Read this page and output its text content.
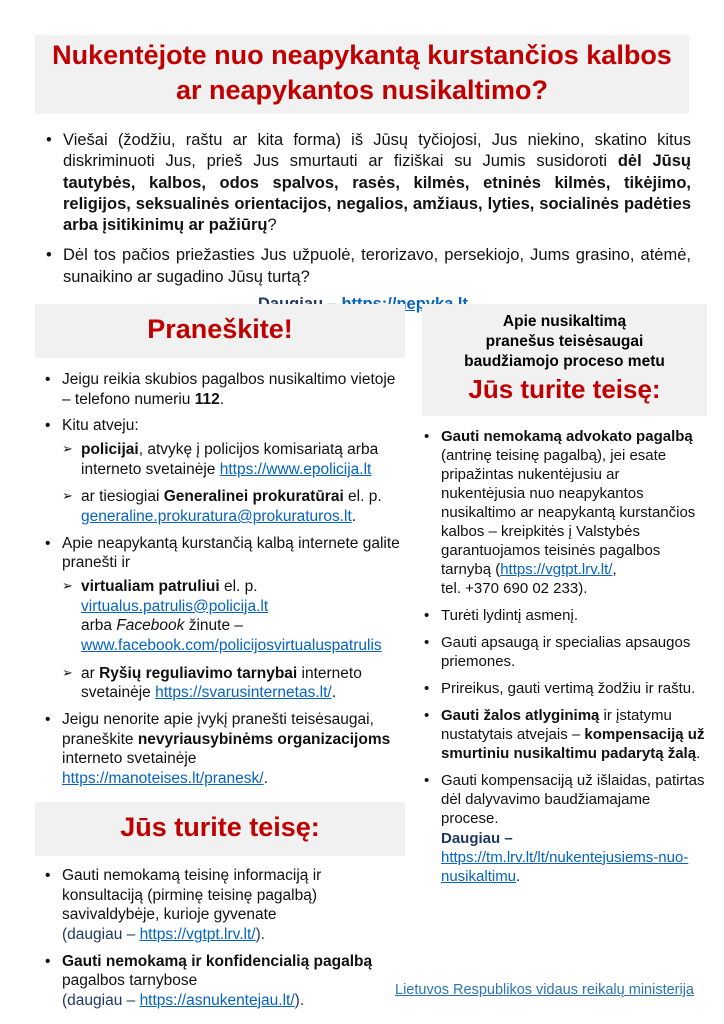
Nukentėjote nuo neapykantą kurstančios kalbos ar neapykantos nusikaltimo?
• Viešai (žodžiu, raštu ar kita forma) iš Jūsų tyčiojosi, Jus niekino, skatino kitus diskriminuoti Jus, prieš Jus smurtauti ar fiziškai su Jumis susidoroti dėl Jūsų tautybės, kalbos, odos spalvos, rasės, kilmės, etninės kilmės, tikėjimo, religijos, seksualinės orientacijos, negalios, amžiaus, lyties, socialinės padėties arba įsitikinimų ar pažiūrų?
• Dėl tos pačios priežasties Jus užpuolė, terorizavo, persekiojo, Jums grasino, atėmė, sunaikino ar sugadino Jūsų turtą?
Praneškite!
• Jeigu reikia skubios pagalbos nusikaltimo vietoje – telefono numeriu 112.
• Kitu atveju:
➢ policijai, atvykę į policijos komisariatą arba interneto svetainėje https://www.epolicija.lt
➢ ar tiesiogiai Generalinei prokuratūrai el. p. generaline.prokuratura@prokuraturos.lt.
• Apie neapykantą kurstančią kalbą internete galite pranešti ir
➢ virtualiam patruliui el. p. virtualus.patrulis@policija.lt
arba Facebook žinute –
www.facebook.com/policijosvirtualuspatrulis
➢ ar Ryšių reguliavimo tarnybai interneto svetainėje https://svarusinternetas.lt/.
• Jeigu nenorite apie įvykį pranešti teisėsaugai, praneškite nevyriausybinėms organizacijoms interneto svetainėje https://manoteises.lt/pranesk/.
Jūs turite teisę:
• Gauti nemokamą teisinę informaciją ir konsultaciją (pirminę teisinę pagalbą) savivaldybėje, kurioje gyvenate
(daugiau – https://vgtpt.lrv.lt/).
• Gauti nemokamą ir konfidencialią pagalbą pagalbos tarnybose
(daugiau – https://asnukentejau.lt/).
Apie nusikaltimą
pranešus teisėsaugai
baudžiamojo proceso metu
Jūs turite teisę:
• Gauti nemokamą advokato pagalbą (antrinę teisinę pagalbą), jei esate pripažintas nukentėjusiu ar nukentėjusia nuo neapykantos nusikaltimo ar neapykantą kurstančios kalbos – kreipkitės į Valstybės garantuojamos teisinės pagalbos tarnybą (https://vgtpt.lrv.lt/,
tel. +370 690 02 233).
• Turėti lydintį asmenį.
• Gauti apsaugą ir specialias apsaugos priemones.
• Prireikus, gauti vertimą žodžiu ir raštu.
• Gauti žalos atlyginimą ir įstatymu nustatytais atvejais – kompensaciją už smurtiniu nusikaltimu padarytą žalą.
• Gauti kompensaciją už išlaidas, patirtas dėl dalyvavimo baudžiamajame procese.
Daugiau –
https://tm.lrv.lt/lt/nukentejusiems-nuo-nusikaltimu.
Lietuvos Respublikos vidaus reikalų ministerija
